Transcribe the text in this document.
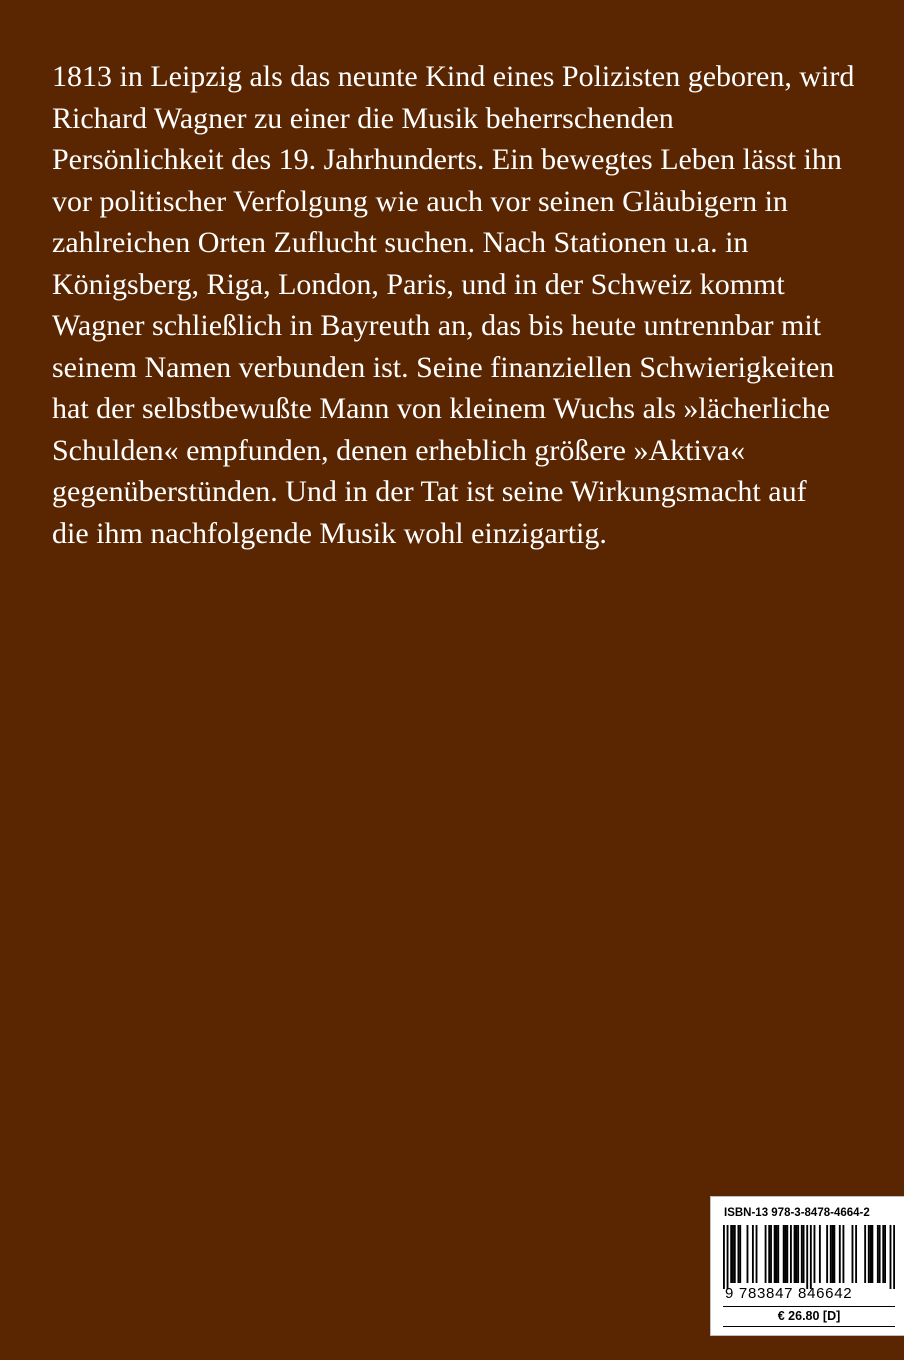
1813 in Leipzig als das neunte Kind eines Polizisten geboren, wird
Richard Wagner zu einer die Musik beherrschenden
Persönlichkeit des 19. Jahrhunderts. Ein bewegtes Leben lässt ihn
vor politischer Verfolgung wie auch vor seinen Gläubigern in
zahlreichen Orten Zuflucht suchen. Nach Stationen u.a. in
Königsberg, Riga, London, Paris, und in der Schweiz kommt
Wagner schließlich in Bayreuth an, das bis heute untrennbar mit
seinem Namen verbunden ist. Seine finanziellen Schwierigkeiten
hat der selbstbewußte Mann von kleinem Wuchs als »lächerliche
Schulden« empfunden, denen erheblich größere »Aktiva«
gegenüberstünden. Und in der Tat ist seine Wirkungsmacht auf
die ihm nachfolgende Musik wohl einzigartig.

ISBN-13 978-3-8478-4664-2
9 783847 846642
€ 26.80 [D]
